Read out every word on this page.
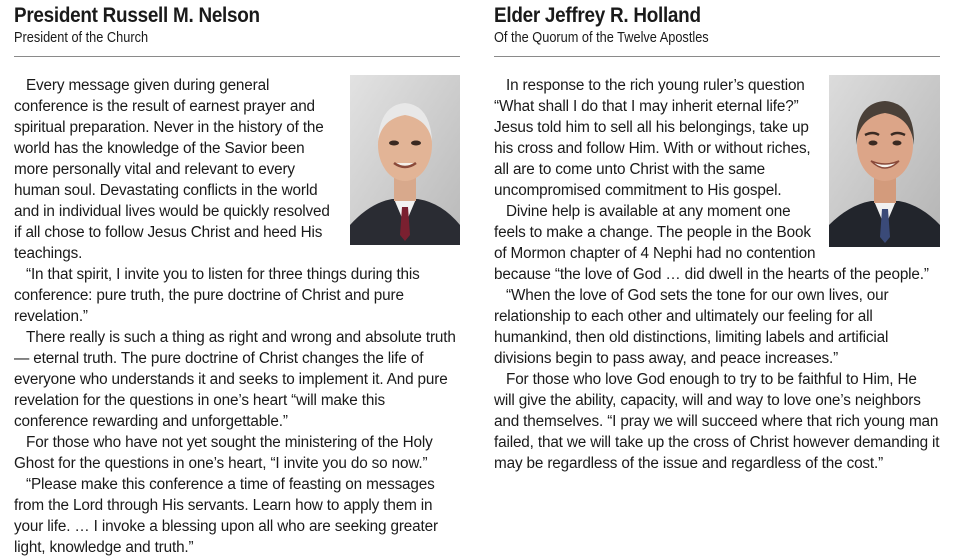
President Russell M. Nelson
President of the Church

Every message given during general conference is the result of earnest prayer and spiritual preparation. Never in the history of the world has the knowledge of the Savior been more personally vital and relevant to every human soul. Devastating conflicts in the world and in individual lives would be quickly resolved if all chose to follow Jesus Christ and heed His teachings.

“In that spirit, I invite you to listen for three things during this conference: pure truth, the pure doctrine of Christ and pure revelation.”

There really is such a thing as right and wrong and absolute truth — eternal truth. The pure doctrine of Christ changes the life of everyone who understands it and seeks to implement it. And pure revelation for the questions in one’s heart “will make this conference rewarding and unforgettable.”

For those who have not yet sought the ministering of the Holy Ghost for the questions in one’s heart, “I invite you do so now.”

“Please make this conference a time of feasting on messages from the Lord through His servants. Learn how to apply them in your life. … I invoke a blessing upon all who are seeking greater light, knowledge and truth.”

Elder Jeffrey R. Holland
Of the Quorum of the Twelve Apostles

In response to the rich young ruler’s question “What shall I do that I may inherit eternal life?” Jesus told him to sell all his belongings, take up his cross and follow Him. With or without riches, all are to come unto Christ with the same uncompromised commitment to His gospel.

Divine help is available at any moment one feels to make a change. The people in the Book of Mormon chapter of 4 Nephi had no contention because “the love of God … did dwell in the hearts of the people.”

“When the love of God sets the tone for our own lives, our relationship to each other and ultimately our feeling for all humankind, then old distinctions, limiting labels and artificial divisions begin to pass away, and peace increases.”

For those who love God enough to try to be faithful to Him, He will give the ability, capacity, will and way to love one’s neighbors and themselves. “I pray we will succeed where that rich young man failed, that we will take up the cross of Christ however demanding it may be regardless of the issue and regardless of the cost.”
